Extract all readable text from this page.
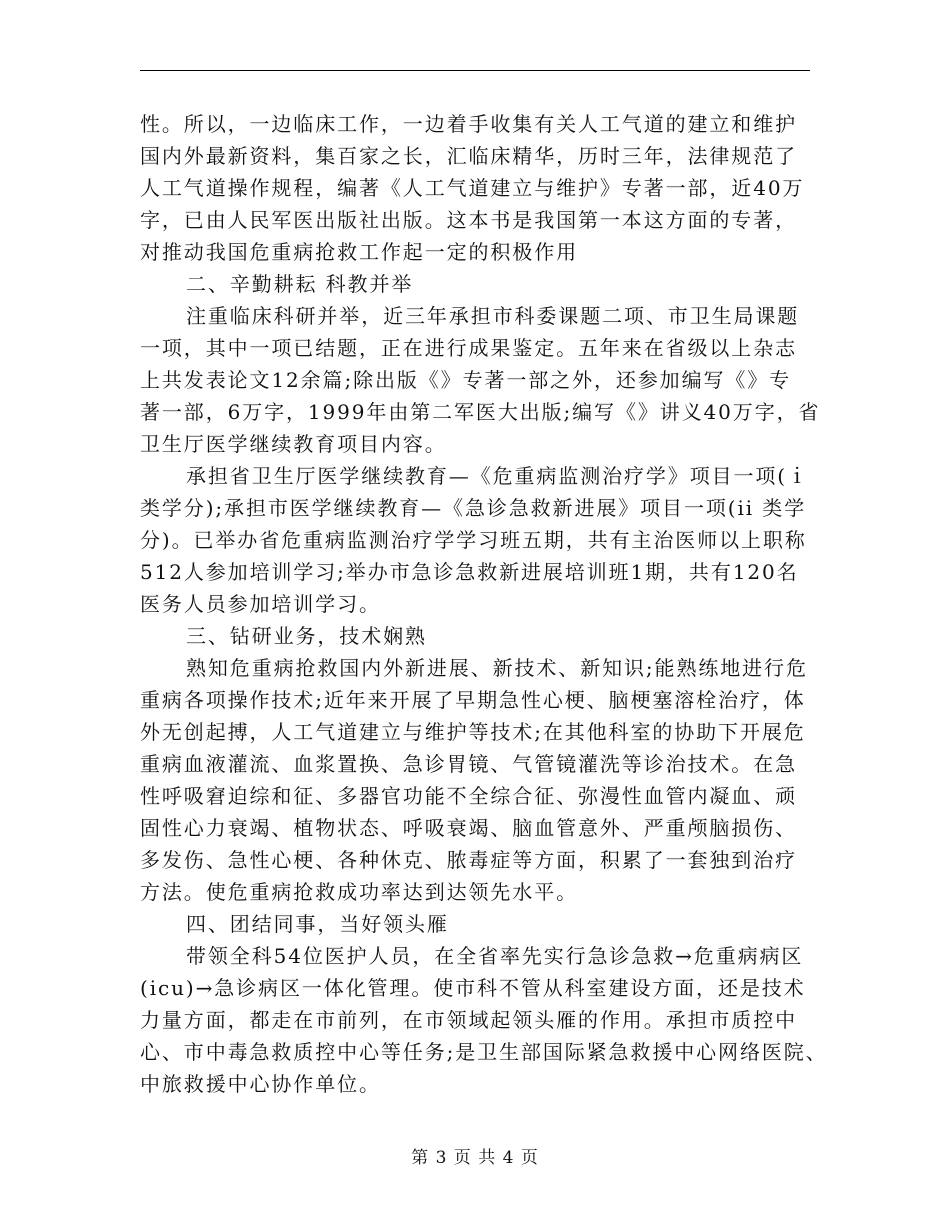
性。所以，一边临床工作，一边着手收集有关人工气道的建立和维护
国内外最新资料，集百家之长，汇临床精华，历时三年，法律规范了
人工气道操作规程，编著《人工气道建立与维护》专著一部，近40万
字，已由人民军医出版社出版。这本书是我国第一本这方面的专著，
对推动我国危重病抢救工作起一定的积极作用
二、辛勤耕耘 科教并举
注重临床科研并举，近三年承担市科委课题二项、市卫生局课题
一项，其中一项已结题，正在进行成果鉴定。五年来在省级以上杂志
上共发表论文12余篇;除出版《》专著一部之外，还参加编写《》专
著一部，6万字，1999年由第二军医大出版;编写《》讲义40万字，省
卫生厅医学继续教育项目内容。
承担省卫生厅医学继续教育—《危重病监测治疗学》项目一项(ｉ
类学分);承担市医学继续教育—《急诊急救新进展》项目一项(ii 类学
分)。已举办省危重病监测治疗学学习班五期，共有主治医师以上职称
512人参加培训学习;举办市急诊急救新进展培训班1期，共有120名
医务人员参加培训学习。
三、钻研业务，技术娴熟
熟知危重病抢救国内外新进展、新技术、新知识;能熟练地进行危
重病各项操作技术;近年来开展了早期急性心梗、脑梗塞溶栓治疗，体
外无创起搏，人工气道建立与维护等技术;在其他科室的协助下开展危
重病血液灌流、血浆置换、急诊胃镜、气管镜灌洗等诊治技术。在急
性呼吸窘迫综和征、多器官功能不全综合征、弥漫性血管内凝血、顽
固性心力衰竭、植物状态、呼吸衰竭、脑血管意外、严重颅脑损伤、
多发伤、急性心梗、各种休克、脓毒症等方面，积累了一套独到治疗
方法。使危重病抢救成功率达到达领先水平。
四、团结同事，当好领头雁
带领全科54位医护人员，在全省率先实行急诊急救→危重病病区
(icu)→急诊病区一体化管理。使市科不管从科室建设方面，还是技术
力量方面，都走在市前列，在市领域起领头雁的作用。承担市质控中
心、市中毒急救质控中心等任务;是卫生部国际紧急救援中心网络医院、
中旅救援中心协作单位。
第 3 页 共 4 页
